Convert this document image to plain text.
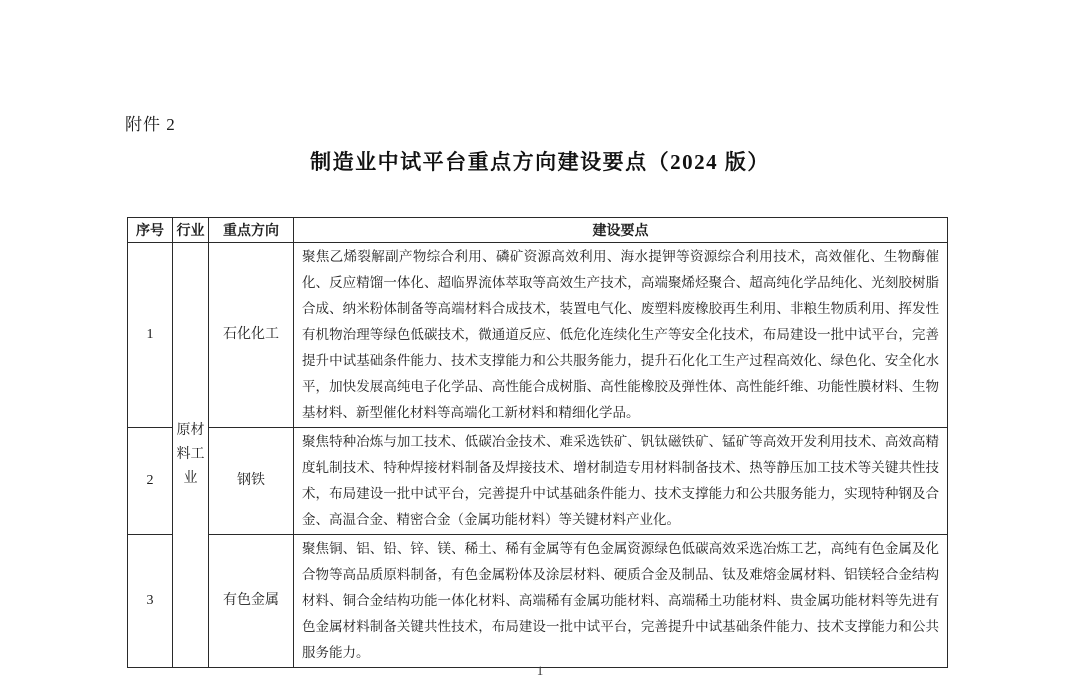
附件 2
制造业中试平台重点方向建设要点（2024 版）
序号	行业	重点方向	建设要点
1	原材料工业	石化化工	聚焦乙烯裂解副产物综合利用、磷矿资源高效利用、海水提钾等资源综合利用技术，高效催化、生物酶催化、反应精馏一体化、超临界流体萃取等高效生产技术，高端聚烯烃聚合、超高纯化学品纯化、光刻胶树脂合成、纳米粉体制备等高端材料合成技术，装置电气化、废塑料废橡胶再生利用、非粮生物质利用、挥发性有机物治理等绿色低碳技术，微通道反应、低危化连续化生产等安全化技术，布局建设一批中试平台，完善提升中试基础条件能力、技术支撑能力和公共服务能力，提升石化化工生产过程高效化、绿色化、安全化水平，加快发展高纯电子化学品、高性能合成树脂、高性能橡胶及弹性体、高性能纤维、功能性膜材料、生物基材料、新型催化材料等高端化工新材料和精细化学品。
2		钢铁	聚焦特种冶炼与加工技术、低碳冶金技术、难采选铁矿、钒钛磁铁矿、锰矿等高效开发利用技术、高效高精度轧制技术、特种焊接材料制备及焊接技术、增材制造专用材料制备技术、热等静压加工技术等关键共性技术，布局建设一批中试平台，完善提升中试基础条件能力、技术支撑能力和公共服务能力，实现特种钢及合金、高温合金、精密合金（金属功能材料）等关键材料产业化。
3		有色金属	聚焦铜、铝、铅、锌、镁、稀土、稀有金属等有色金属资源绿色低碳高效采选冶炼工艺，高纯有色金属及化合物等高品质原料制备，有色金属粉体及涂层材料、硬质合金及制品、钛及难熔金属材料、铝镁轻合金结构材料、铜合金结构功能一体化材料、高端稀有金属功能材料、高端稀土功能材料、贵金属功能材料等先进有色金属材料制备关键共性技术，布局建设一批中试平台，完善提升中试基础条件能力、技术支撑能力和公共服务能力。
1
